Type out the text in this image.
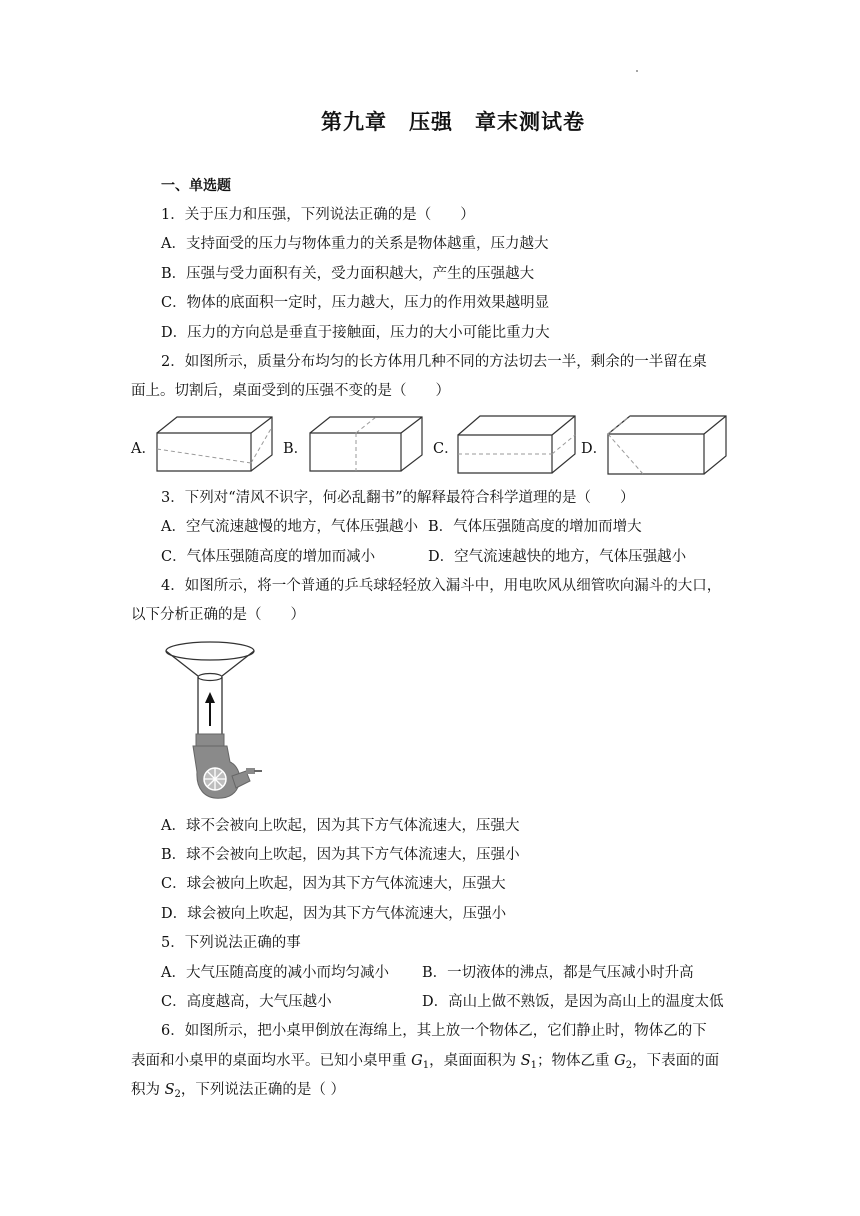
第九章　压强　章末测试卷
一、单选题
1．关于压力和压强，下列说法正确的是（　　）
A．支持面受的压力与物体重力的关系是物体越重，压力越大
B．压强与受力面积有关，受力面积越大，产生的压强越大
C．物体的底面积一定时，压力越大，压力的作用效果越明显
D．压力的方向总是垂直于接触面，压力的大小可能比重力大
2．如图所示，质量分布均匀的长方体用几种不同的方法切去一半，剩余的一半留在桌
面上。切割后，桌面受到的压强不变的是（　　）
A．	B．	C．	D．
3．下列对“清风不识字，何必乱翻书”的解释最符合科学道理的是（　　）
A．空气流速越慢的地方，气体压强越小 B．气体压强随高度的增加而增大
C．气体压强随高度的增加而减小	D．空气流速越快的地方，气体压强越小
4．如图所示，将一个普通的乒乓球轻轻放入漏斗中，用电吹风从细管吹向漏斗的大口，
以下分析正确的是（　　）
A．球不会被向上吹起，因为其下方气体流速大，压强大
B．球不会被向上吹起，因为其下方气体流速大，压强小
C．球会被向上吹起，因为其下方气体流速大，压强大
D．球会被向上吹起，因为其下方气体流速大，压强小
5．下列说法正确的事
A．大气压随高度的减小而均匀减小 B．一切液体的沸点，都是气压减小时升高
C．高度越高，大气压越小	D．高山上做不熟饭，是因为高山上的温度太低
6．如图所示，把小桌甲倒放在海绵上，其上放一个物体乙，它们静止时，物体乙的下
表面和小桌甲的桌面均水平。已知小桌甲重 $G_1$，桌面面积为 $S_1$；物体乙重 $G_2$，下表面的面
积为 $S_2$，下列说法正确的是（ ）
